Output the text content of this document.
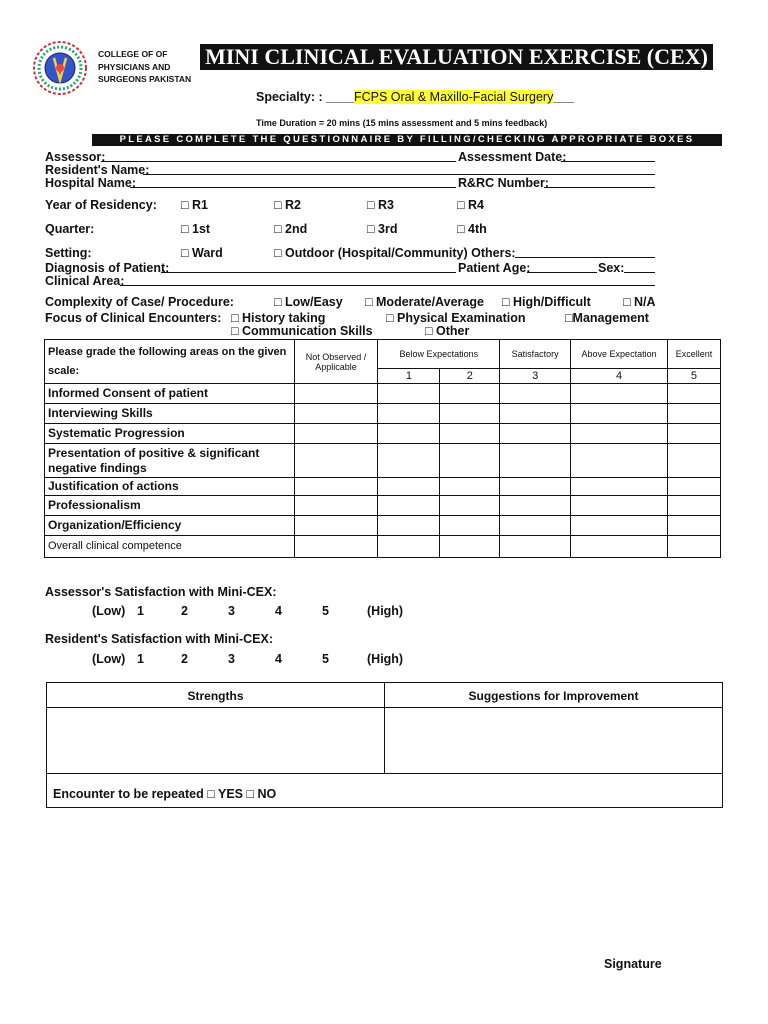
COLLEGE OF OF PHYSICIANS AND SURGEONS PAKISTAN
MINI CLINICAL EVALUATION EXERCISE (CEX)
Specialty: : ____FCPS Oral & Maxillo-Facial Surgery___
Time Duration = 20 mins (15 mins assessment and 5 mins feedback)
PLEASE COMPLETE THE QUESTIONNAIRE BY FILLING/CHECKING APPROPRIATE BOXES
Assessor:	Assessment Date:
Resident's Name:
Hospital Name:	R&RC Number:
Year of Residency: □ R1	□ R2	□ R3	□ R4
Quarter:	□ 1st	□ 2nd	□ 3rd	□ 4th
Setting:	□ Ward	□ Outdoor (Hospital/Community) Others:
Diagnosis of Patient:	Patient Age:	Sex:
Clinical Area:
Complexity of Case/ Procedure:	□ Low/Easy □ Moderate/Average □ High/Difficult	□ N/A
Focus of Clinical Encounters: □ History taking	□ Physical Examination	□Management
□ Communication Skills	□ Other
Please grade the following areas on the given scale:	Not Observed / Applicable	Below Expectations		Satisfactory	Above Expectation	Excellent
		1	2	3	4	5
Informed Consent of patient						
Interviewing Skills						
Systematic Progression						
Presentation of positive & significant negative findings						
Justification of actions						
Professionalism						
Organization/Efficiency						
Overall clinical competence						
Assessor's Satisfaction with Mini-CEX:
(Low) 1	2	3	4	5	(High)
Resident's Satisfaction with Mini-CEX:
(Low) 1	2	3	4	5	(High)
Strengths	Suggestions for Improvement
Encounter to be repeated □ YES □ NO
Signature
